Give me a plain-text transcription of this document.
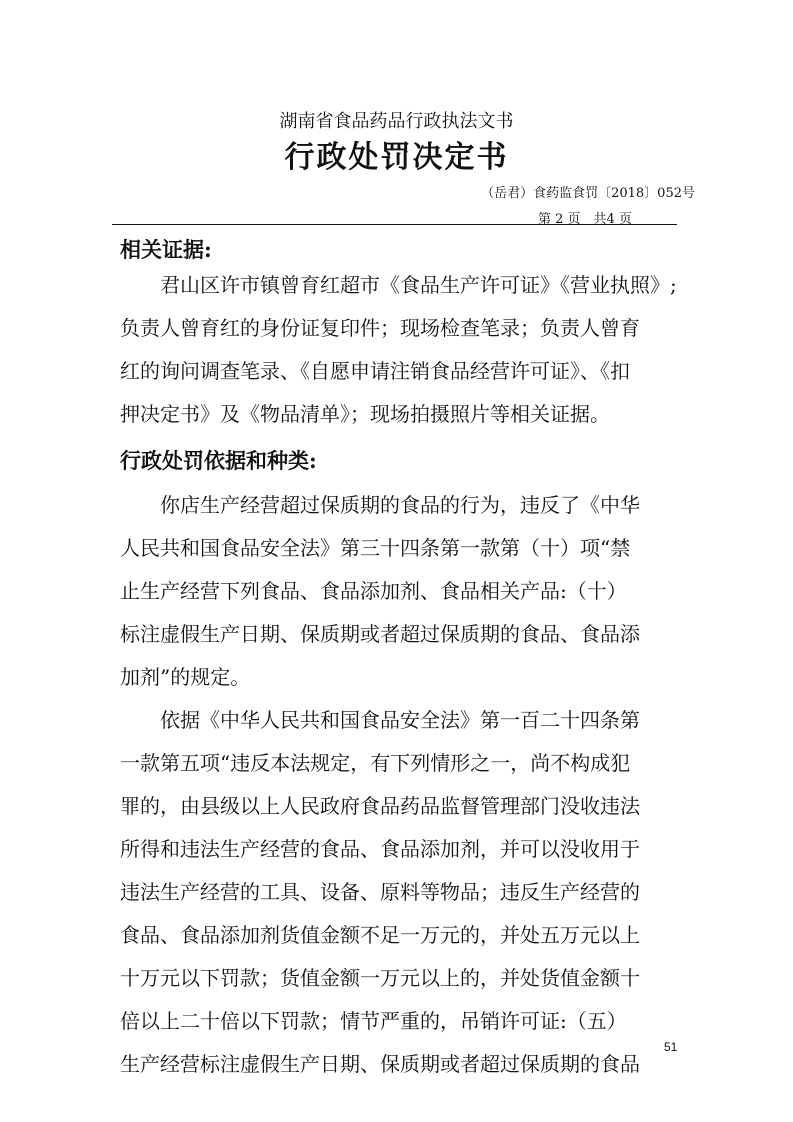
湖南省食品药品行政执法文书
行政处罚决定书
（岳君）食药监食罚〔2018〕052号
第 2 页　共4 页
相关证据:
君山区许市镇曾育红超市《食品生产许可证》《营业执照》;
负责人曾育红的身份证复印件；现场检查笔录；负责人曾育
红的询问调查笔录、《自愿申请注销食品经营许可证》、《扣
押决定书》及《物品清单》；现场拍摄照片等相关证据。
行政处罚依据和种类:
你店生产经营超过保质期的食品的行为，违反了《中华
人民共和国食品安全法》第三十四条第一款第（十）项“禁
止生产经营下列食品、食品添加剂、食品相关产品:（十）
标注虚假生产日期、保质期或者超过保质期的食品、食品添
加剂”的规定。
依据《中华人民共和国食品安全法》第一百二十四条第
一款第五项“违反本法规定，有下列情形之一，尚不构成犯
罪的，由县级以上人民政府食品药品监督管理部门没收违法
所得和违法生产经营的食品、食品添加剂，并可以没收用于
违法生产经营的工具、设备、原料等物品；违反生产经营的
食品、食品添加剂货值金额不足一万元的，并处五万元以上
十万元以下罚款；货值金额一万元以上的，并处货值金额十
倍以上二十倍以下罚款；情节严重的，吊销许可证:（五）
生产经营标注虚假生产日期、保质期或者超过保质期的食品
51
